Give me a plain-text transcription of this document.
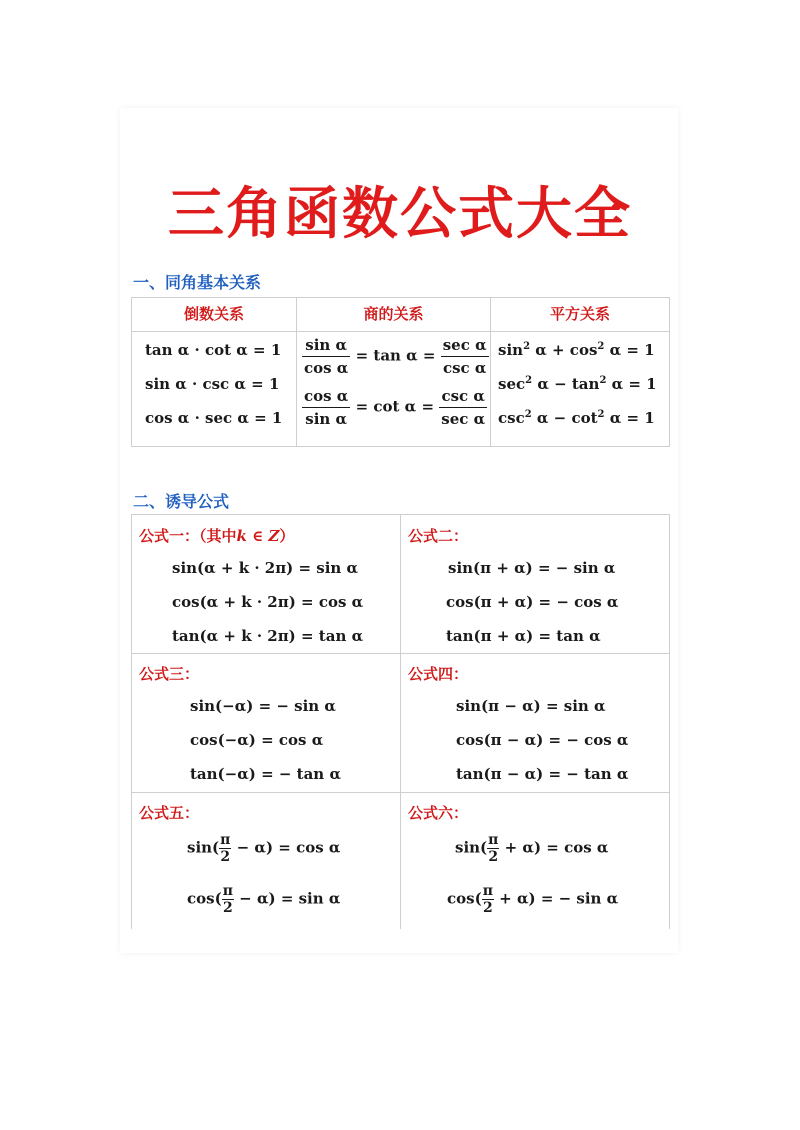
三角函数公式大全
一、同角基本关系
倒数关系	商的关系	平方关系
tan α · cot α = 1
sin α · csc α = 1
cos α · sec α = 1
$\frac{\text{sin α}}{\text{cos α}} = \tan \alpha = \frac{\text{sec α}}{\text{csc α}}$
$\frac{\text{cos α}}{\text{sin α}} = \cot \alpha = \frac{\text{csc α}}{\text{sec α}}$
$\sin^2 \alpha + \cos^2 \alpha = 1$
$\sec^2 \alpha - \tan^2 \alpha = 1$
$\csc^2 \alpha - \cot^2 \alpha = 1$
二、诱导公式
公式一：（其中k ∈ Z）
sin(α + k · 2π) = sin α
cos(α + k · 2π) = cos α
tan(α + k · 2π) = tan α
公式二：
sin(π + α) = − sin α
cos(π + α) = − cos α
tan(π + α) = tan α
公式三：
sin(−α) = − sin α
cos(−α) = cos α
tan(−α) = − tan α
公式四：
sin(π − α) = sin α
cos(π − α) = − cos α
tan(π − α) = − tan α
公式五：
$\sin( \frac{\pi}{2} - \alpha) = \cos \alpha$
$\cos( \frac{\pi}{2} - \alpha) = \sin \alpha$
公式六：
$\sin( \frac{\pi}{2} + \alpha) = \cos \alpha$
$\cos( \frac{\pi}{2} + \alpha)$ = − sin α
